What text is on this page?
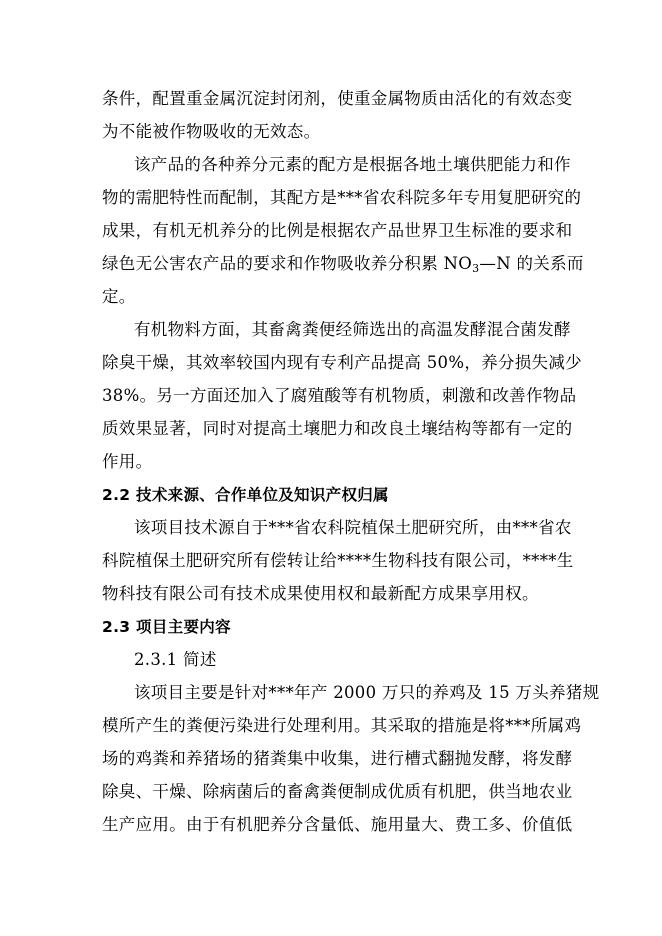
条件，配置重金属沉淀封闭剂，使重金属物质由活化的有效态变
为不能被作物吸收的无效态。
该产品的各种养分元素的配方是根据各地土壤供肥能力和作
物的需肥特性而配制，其配方是***省农科院多年专用复肥研究的
成果，有机无机养分的比例是根据农产品世界卫生标准的要求和
绿色无公害农产品的要求和作物吸收养分积累 $NO_3—N$ 的关系而
定。
有机物料方面，其畜禽粪便经筛选出的高温发酵混合菌发酵
除臭干燥，其效率较国内现有专利产品提高 50%，养分损失减少
38%。另一方面还加入了腐殖酸等有机物质，刺激和改善作物品
质效果显著，同时对提高土壤肥力和改良土壤结构等都有一定的
作用。
2.2 技术来源、合作单位及知识产权归属
该项目技术源自于***省农科院植保土肥研究所，由***省农
科院植保土肥研究所有偿转让给****生物科技有限公司，****生
物科技有限公司有技术成果使用权和最新配方成果享用权。
2.3 项目主要内容
2.3.1 简述
该项目主要是针对***年产 2000 万只的养鸡及 15 万头养猪规
模所产生的粪便污染进行处理利用。其采取的措施是将***所属鸡
场的鸡粪和养猪场的猪粪集中收集，进行槽式翻抛发酵，将发酵
除臭、干燥、除病菌后的畜禽粪便制成优质有机肥，供当地农业
生产应用。由于有机肥养分含量低、施用量大、费工多、价值低
